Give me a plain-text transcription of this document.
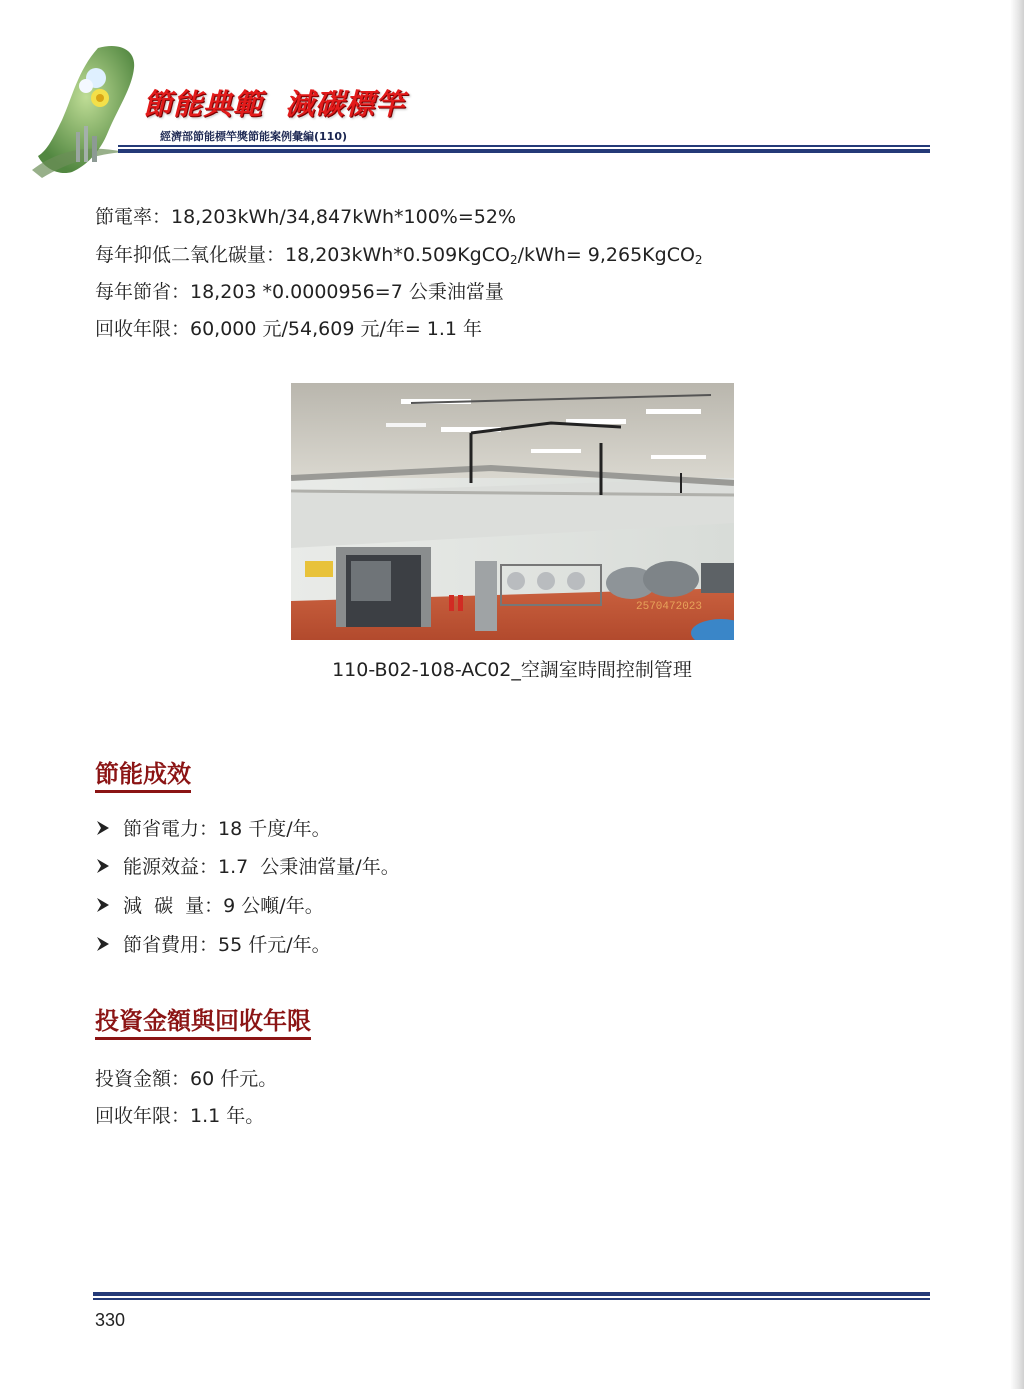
節能典範  減碳標竿
經濟部節能標竿獎節能案例彙編(110)
節電率：18,203kWh/34,847kWh*100%=52%
每年抑低二氧化碳量：18,203kWh*0.509KgCO$_2$/kWh= 9,265KgCO$_2$
每年節省：18,203 *0.0000956=7 公秉油當量
回收年限：60,000 元/54,609 元/年= 1.1 年
2570472023
110-B02-108-AC02_空調室時間控制管理
節能成效
節省電力：18 千度/年。
能源效益：1.7  公秉油當量/年。
減  碳  量：9 公噸/年。
節省費用：55 仟元/年。
投資金額與回收年限
投資金額：60 仟元。
回收年限：1.1 年。
330
